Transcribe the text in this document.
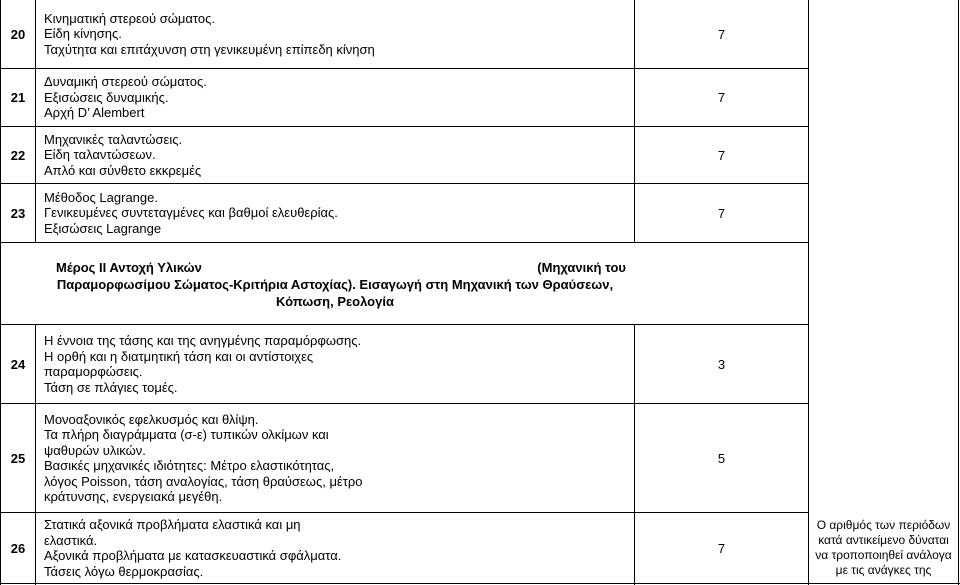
20
Κινηματική στερεού σώματος.
Είδη κίνησης.
Ταχύτητα και επιτάχυνση στη γενικευμένη επίπεδη κίνηση
7
21
Δυναμική στερεού σώματος.
Εξισώσεις δυναμικής.
Αρχή D’ Alembert
7
22
Μηχανικές ταλαντώσεις.
Είδη ταλαντώσεων.
Απλό και σύνθετο εκκρεμές
7
23
Μέθοδος Lagrange.
Γενικευμένες συντεταγμένες και βαθμοί ελευθερίας.
Εξισώσεις Lagrange
7
Μέρος ΙΙ Αντοχή Υλικών	(Μηχανική του
Παραμορφωσίμου Σώματος-Κριτήρια Αστοχίας). Εισαγωγή στη Μηχανική των Θραύσεων,
Κόπωση, Ρεολογία
24
Η έννοια της τάσης και της ανηγμένης παραμόρφωσης.
Η ορθή και η διατμητική τάση και οι αντίστοιχες
παραμορφώσεις.
Τάση σε πλάγιες τομές.
3
25
Μονοαξονικός εφελκυσμός και θλίψη.
Τα πλήρη διαγράμματα (σ-ε) τυπικών ολκίμων και
ψαθυρών υλικών.
Βασικές μηχανικές ιδιότητες: Μέτρο ελαστικότητας,
λόγος Poisson, τάση αναλογίας, τάση θραύσεως, μέτρο
κράτυνσης, ενεργειακά μεγέθη.
5
26
Στατικά αξονικά προβλήματα ελαστικά και μη
ελαστικά.
Αξονικά προβλήματα με κατασκευαστικά σφάλματα.
Τάσεις λόγω θερμοκρασίας.
7
Ο αριθμός των περιόδων
κατά αντικείμενο δύναται
να τροποποιηθεί ανάλογα
με τις ανάγκες της
